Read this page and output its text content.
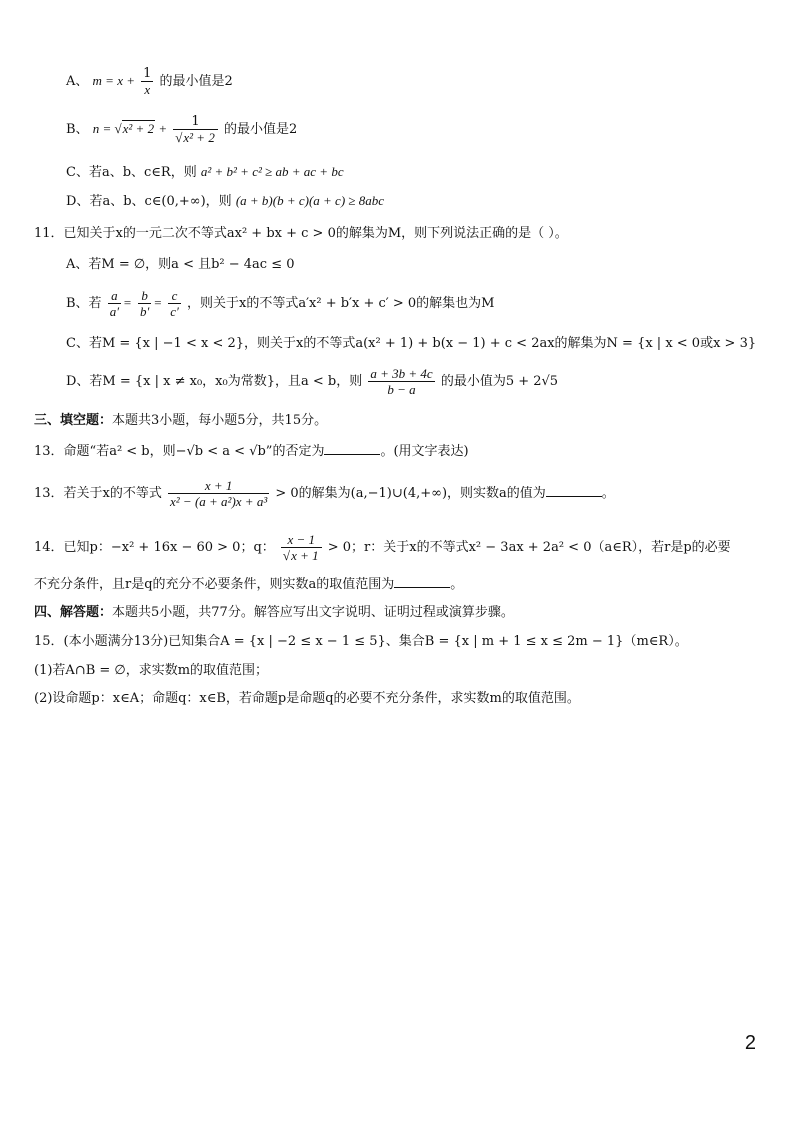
A、 $m = x + \frac{1}{x}$ 的最小值是2
B、 $n = √x^2 + 2 + \frac{1}{\text{√x² + 2}}$ 的最小值是2
C、若a、b、c∈R，则 a² + b² + c² ≥ ab + ac + bc
D、若a、b、c∈(0,+∞)，则 (a + b)(b + c)(a + c) ≥ 8abc
11．已知关于x的一元二次不等式ax² + bx + c > 0的解集为M，则下列说法正确的是（ ）。
A、若M = ∅，则a < 且b² − 4ac ≤ 0
B、若 $\frac{a}{a'} = \frac{b}{b'} = \frac{c}{c'}$ ，则关于x的不等式a′x² + b′x + c′ > 0的解集也为M
C、若M = {x | −1 < x < 2}，则关于x的不等式a(x² + 1) + b(x − 1) + c < 2ax的解集为N = {x | x < 0或x > 3}
D、若M = {x | x ≠ x₀，x₀为常数}，且a < b，则 $\frac{a + 3b + 4c}{b - a}$ 的最小值为5 + 2√5
三、填空题：本题共3小题，每小题5分，共15分。
13．命题“若a² < b，则−√b < a < √b”的否定为	。(用文字表达)
13．若关于x的不等式 $\frac{x + 1}{\text{x² − (a + a²)x + a³}} > 0$的解集为(a,−1)∪(4,+∞)，则实数a的值为	。
14．已知p：−x² + 16x − 60 > 0；q： $\frac{x - 1}{√x + 1} > 0$；r：关于x的不等式x² − 3ax + 2a² < 0（a∈R），若r是p的必要
不充分条件，且r是q的充分不必要条件，则实数a的取值范围为	。
四、解答题：本题共5小题，共77分。解答应写出文字说明、证明过程或演算步骤。
15．(本小题满分13分)已知集合A = {x | −2 ≤ x − 1 ≤ 5}、集合B = {x | m + 1 ≤ x ≤ 2m − 1}（m∈R）。
(1)若A∩B = ∅，求实数m的取值范围；
(2)设命题p：x∈A；命题q：x∈B，若命题p是命题q的必要不充分条件，求实数m的取值范围。
2
